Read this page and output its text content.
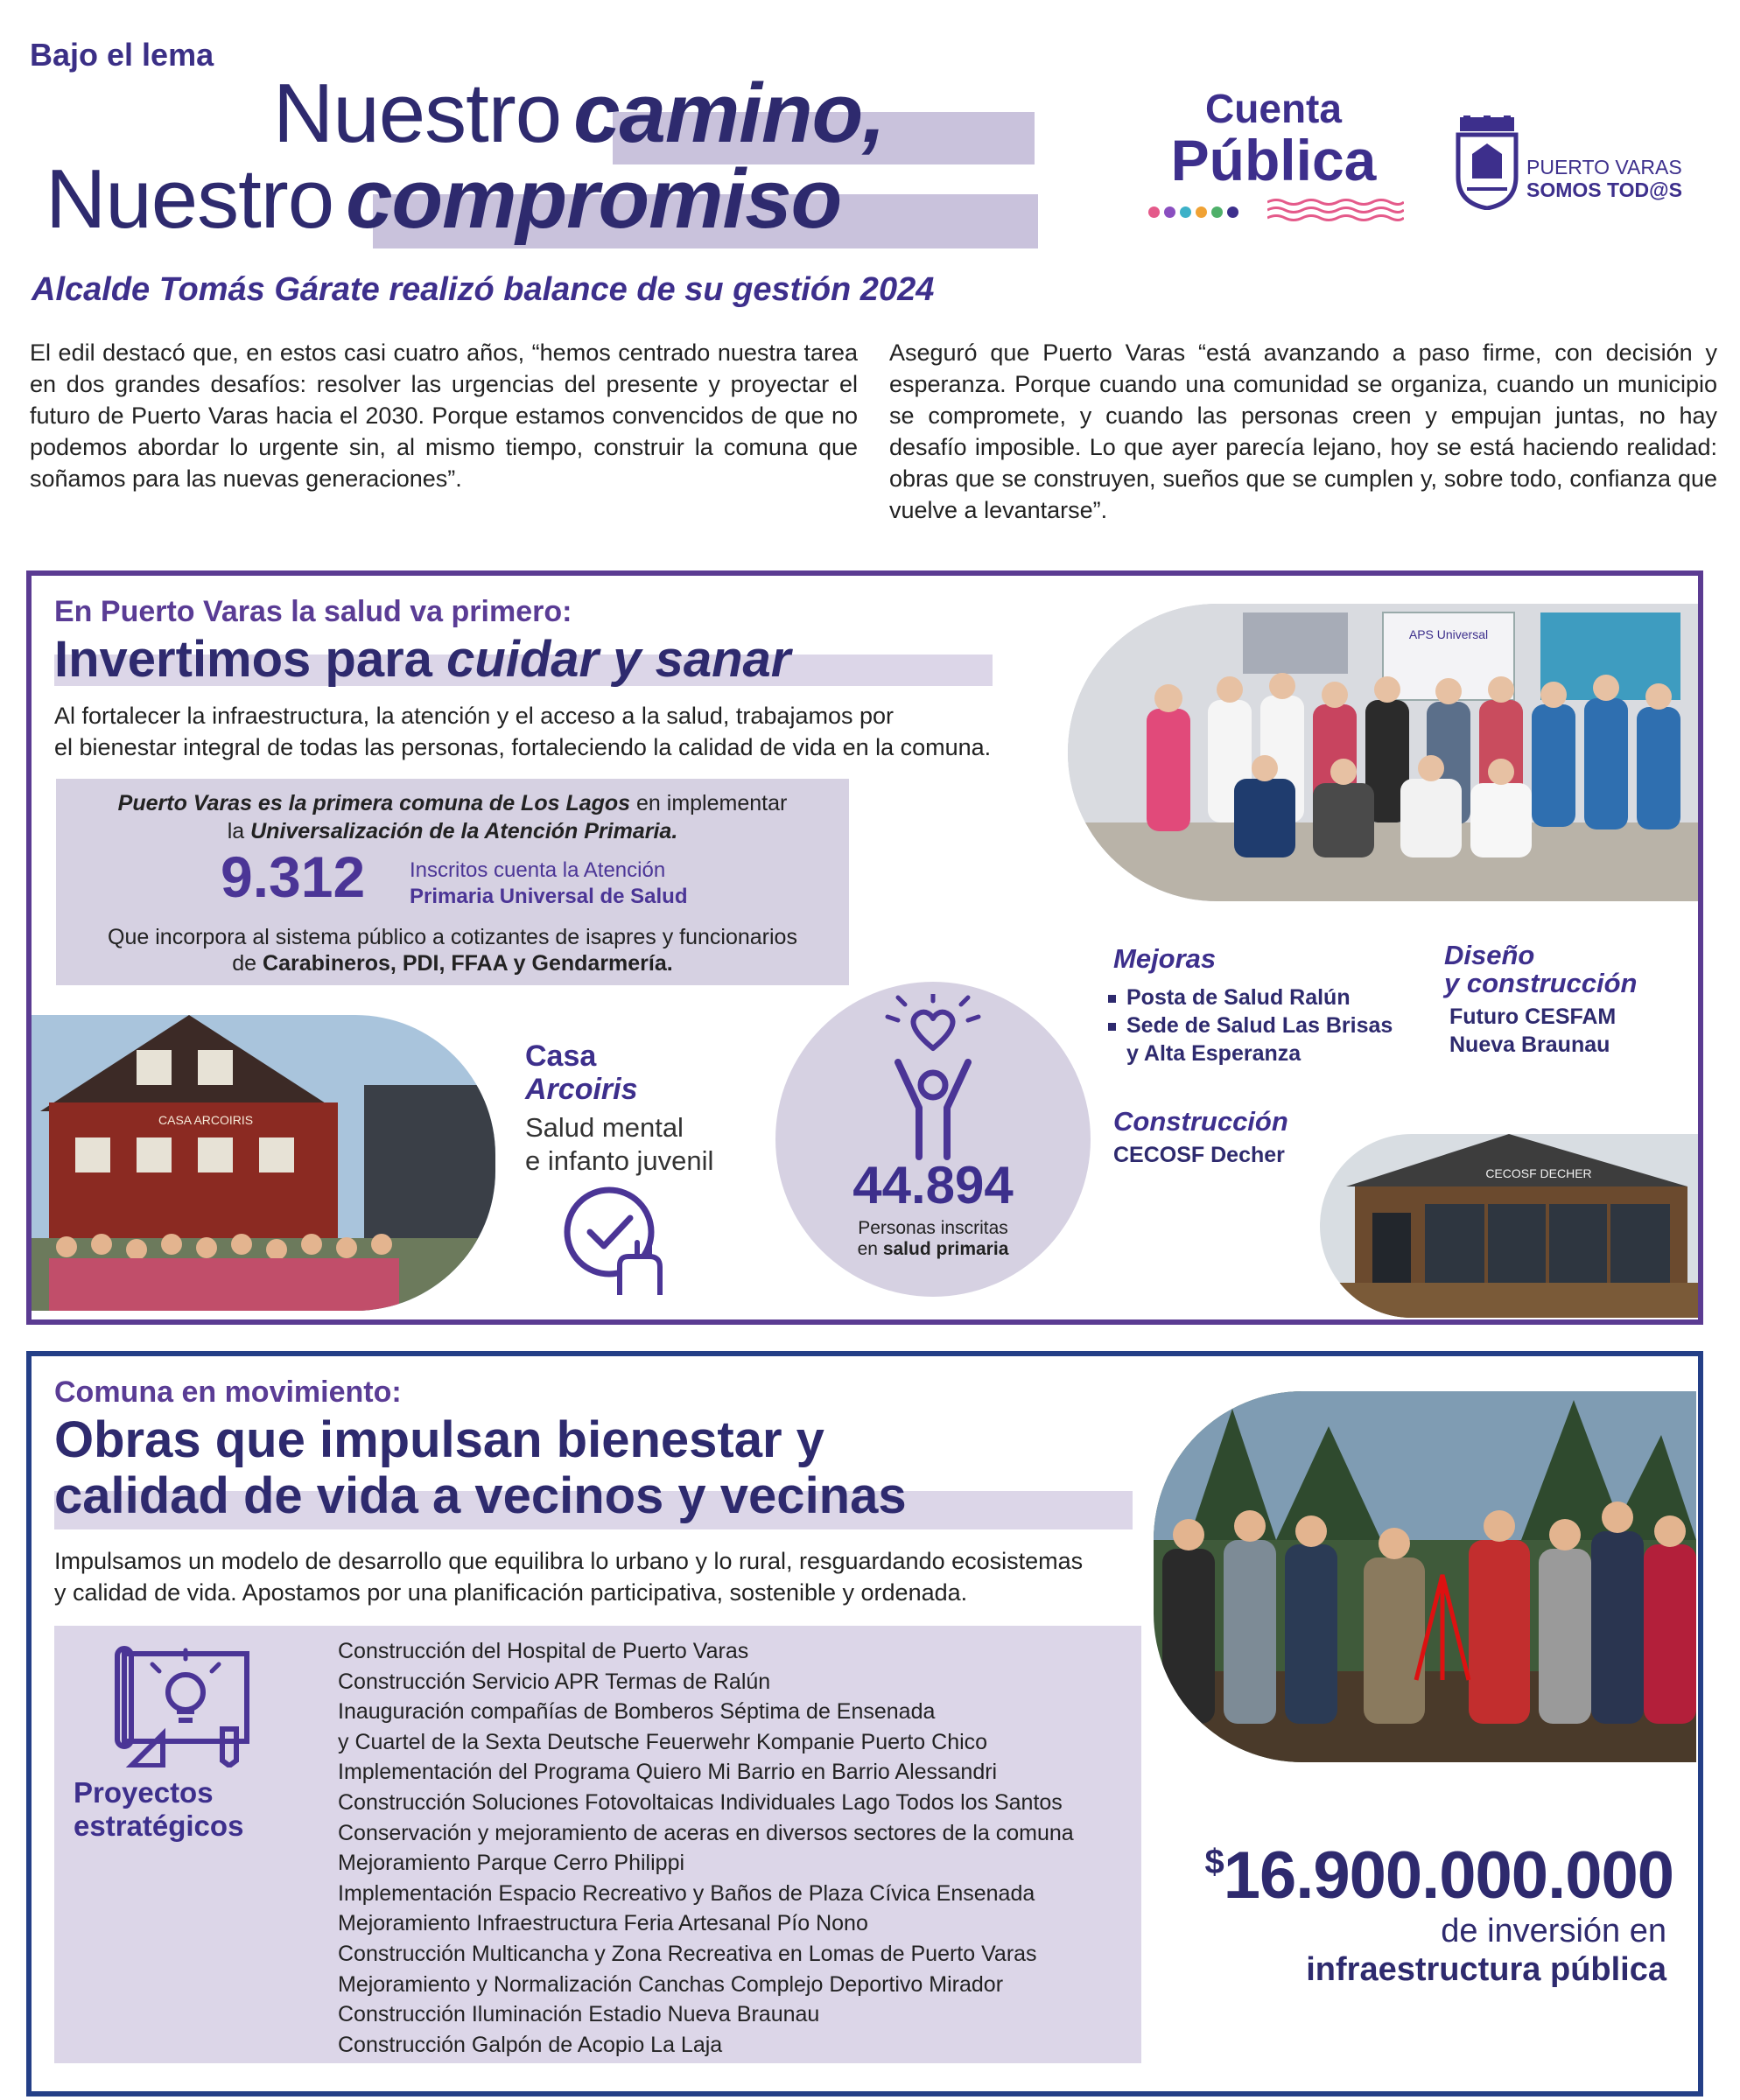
Bajo el lema
Nuestro camino,
Nuestro compromiso
Cuenta
Pública	PUERTO VARAS
SOMOS TOD@S
Alcalde Tomás Gárate realizó balance de su gestión 2024

El edil destacó que, en estos casi cuatro años, “hemos centrado nuestra tarea en dos grandes desafíos: resolver las urgencias del presente y proyectar el futuro de Puerto Varas hacia el 2030. Porque estamos convencidos de que no podemos abordar lo urgente sin, al mismo tiempo, construir la comuna que soñamos para las nuevas generaciones”.

Aseguró que Puerto Varas “está avanzando a paso firme, con decisión y esperanza. Porque cuando una comunidad se organiza, cuando un municipio se compromete, y cuando las personas creen y empujan juntas, no hay desafío imposible. Lo que ayer parecía lejano, hoy se está haciendo realidad: obras que se construyen, sueños que se cumplen y, sobre todo, confianza que vuelve a levantarse”.

En Puerto Varas la salud va primero:
Invertimos para cuidar y sanar
Al fortalecer la infraestructura, la atención y el acceso a la salud, trabajamos por
el bienestar integral de todas las personas, fortaleciendo la calidad de vida en la comuna.
Puerto Varas es la primera comuna de Los Lagos en implementar
la Universalización de la Atención Primaria.
9.312 Inscritos cuenta la Atención
Primaria Universal de Salud
Que incorpora al sistema público a cotizantes de isapres y funcionarios
de Carabineros, PDI, FFAA y Gendarmería.
APS Universal
CASA ARCOIRIS
Casa
Arcoiris
Salud mental
e infanto juvenil	44.894
Personas inscritas
en salud primaria
Mejoras
Posta de Salud Ralún
Sede de Salud Las Brisas
y Alta Esperanza
Diseño
y construcción
Futuro CESFAM
Nueva Braunau
Construcción
CECOSF Decher
CECOSF DECHER
Comuna en movimiento:
Obras que impulsan bienestar y
calidad de vida a vecinos y vecinas
Impulsamos un modelo de desarrollo que equilibra lo urbano y lo rural, resguardando ecosistemas
y calidad de vida. Apostamos por una planificación participativa, sostenible y ordenada.
Proyectos
estratégicos
Construcción del Hospital de Puerto Varas
Construcción Servicio APR Termas de Ralún
Inauguración compañías de Bomberos Séptima de Ensenada
y Cuartel de la Sexta Deutsche Feuerwehr Kompanie Puerto Chico
Implementación del Programa Quiero Mi Barrio en Barrio Alessandri
Construcción Soluciones Fotovoltaicas Individuales Lago Todos los Santos
Conservación y mejoramiento de aceras en diversos sectores de la comuna
Mejoramiento Parque Cerro Philippi
Implementación Espacio Recreativo y Baños de Plaza Cívica Ensenada
Mejoramiento Infraestructura Feria Artesanal Pío Nono
Construcción Multicancha y Zona Recreativa en Lomas de Puerto Varas
Mejoramiento y Normalización Canchas Complejo Deportivo Mirador
Construcción Iluminación Estadio Nueva Braunau
Construcción Galpón de Acopio La Laja
$16.900.000.000
de inversión en
infraestructura pública
